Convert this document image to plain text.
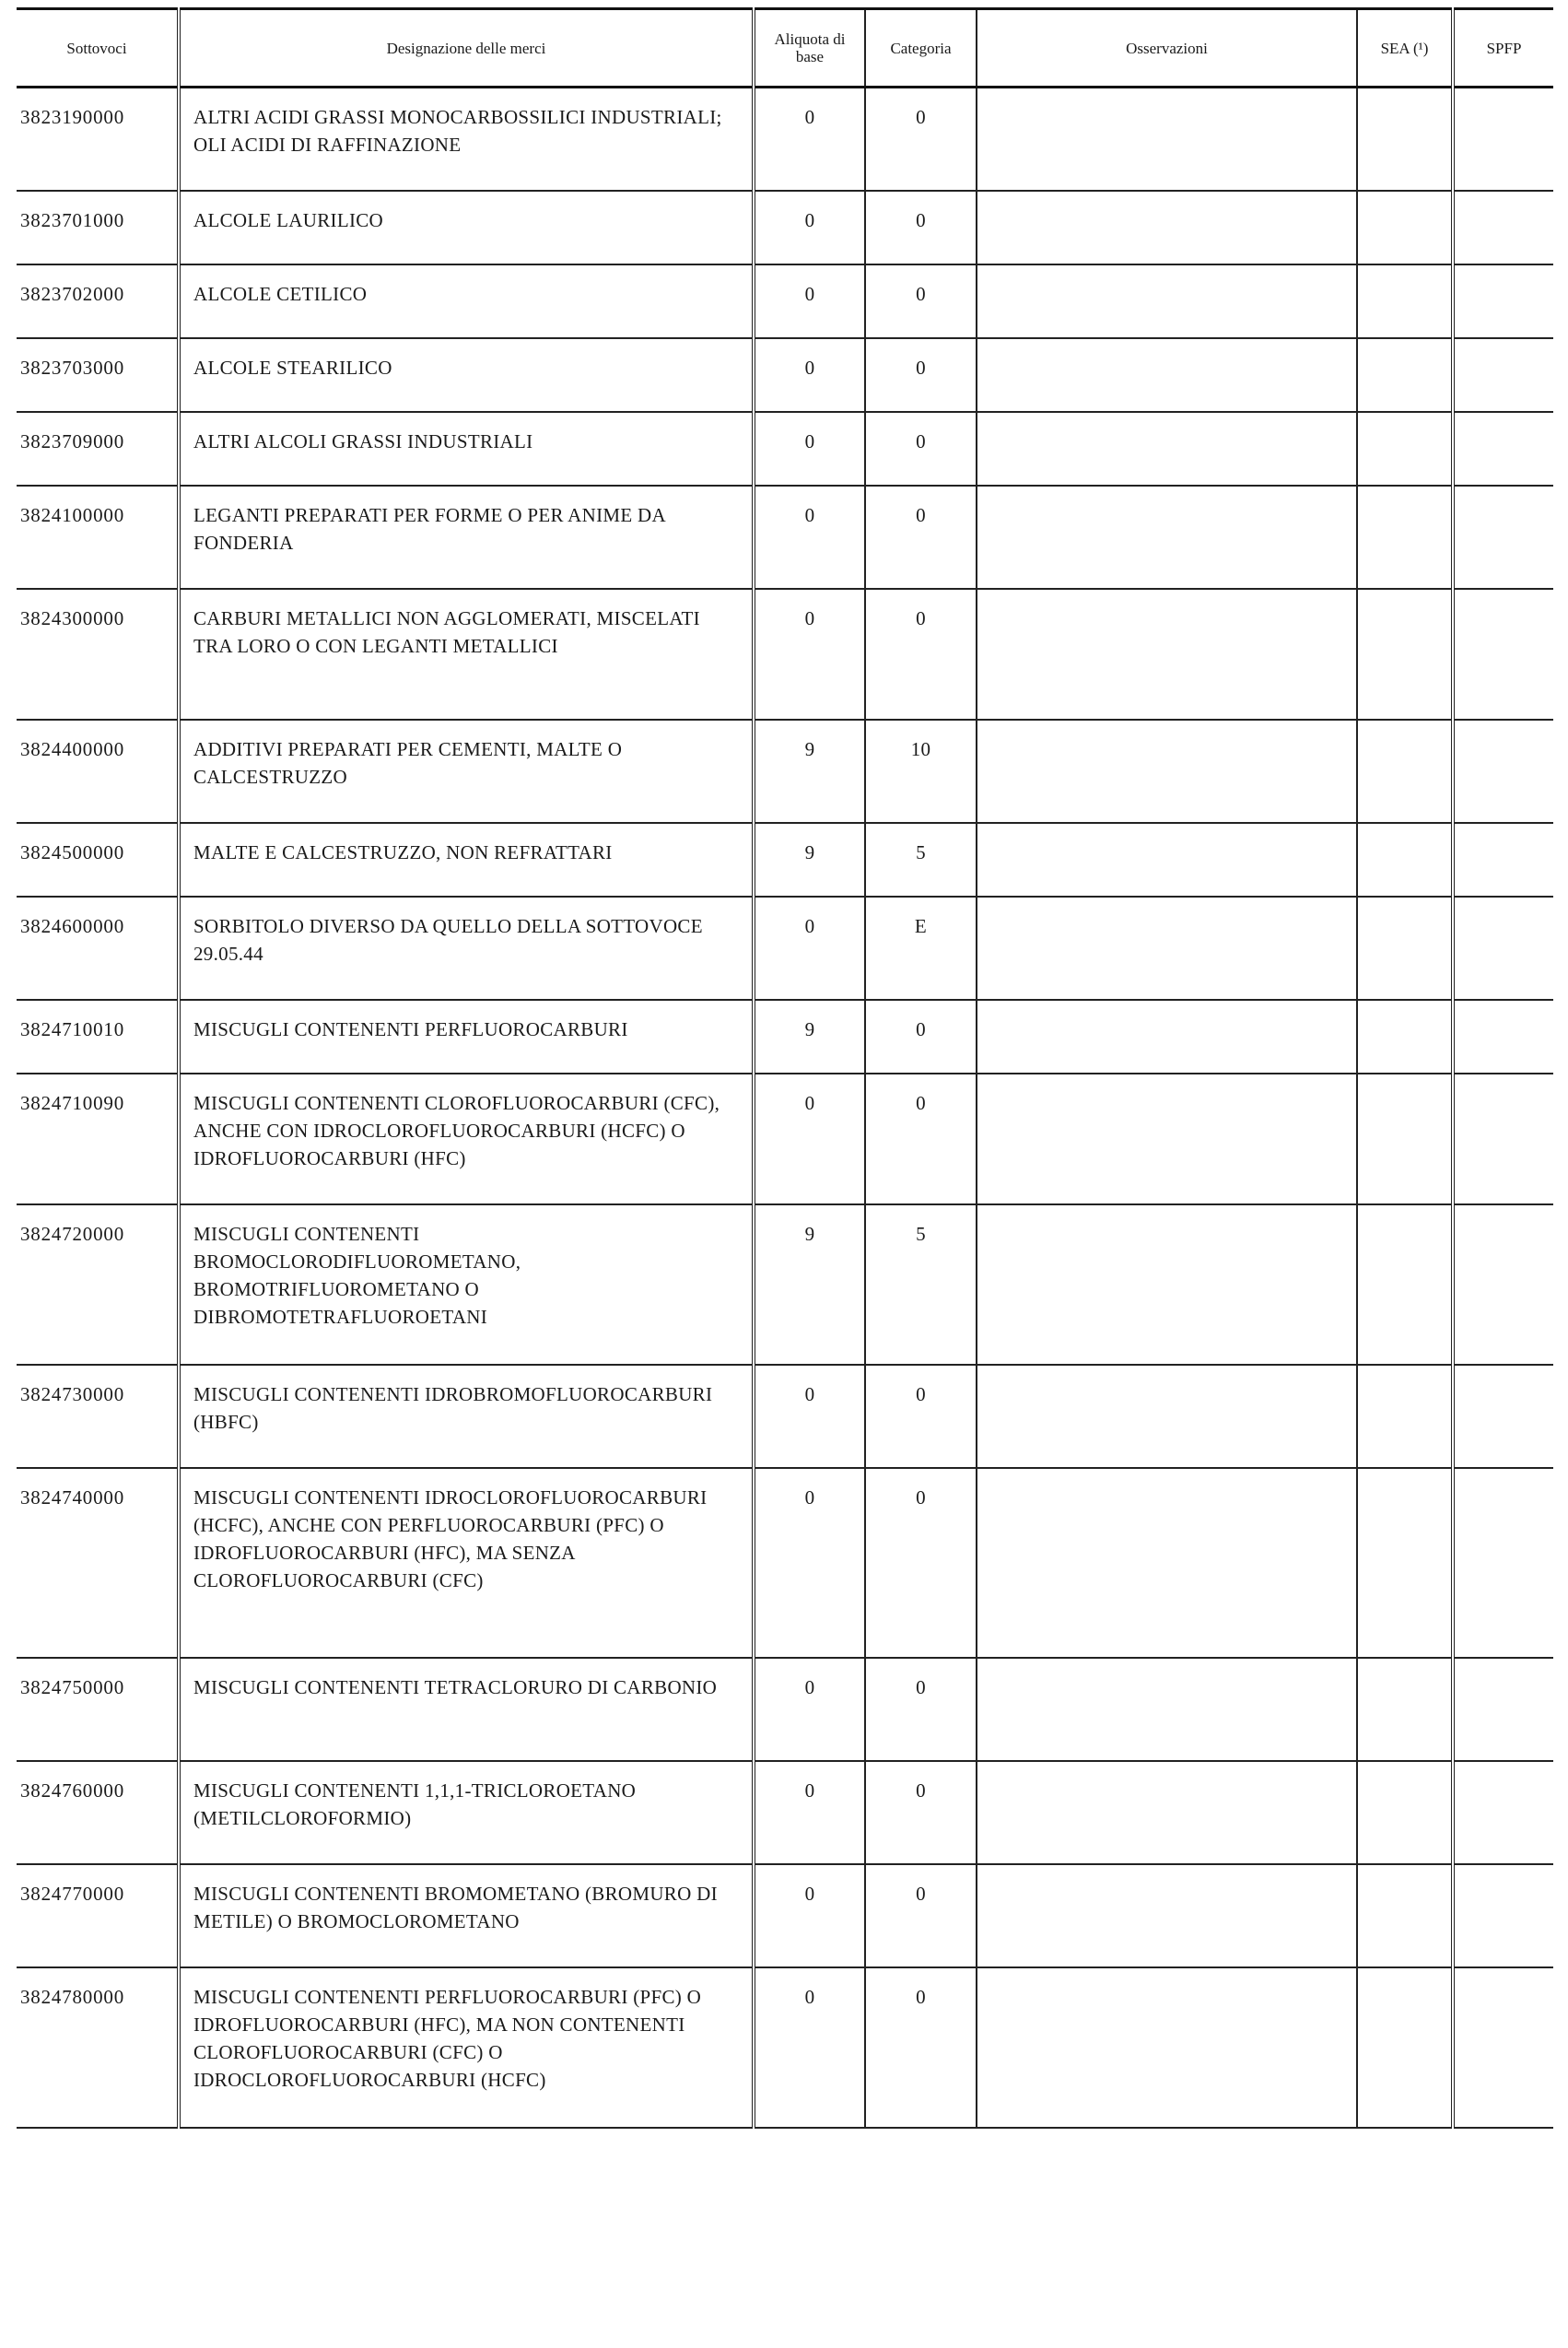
Sottovoci	Designazione delle merci	Aliquota di base	Categoria	Osservazioni	SEA (¹)	SPFP
3823190000	ALTRI ACIDI GRASSI MONOCARBOSSILICI INDUSTRIALI; OLI ACIDI DI RAFFINAZIONE	0	0			
3823701000	ALCOLE LAURILICO	0	0			
3823702000	ALCOLE CETILICO	0	0			
3823703000	ALCOLE STEARILICO	0	0			
3823709000	ALTRI ALCOLI GRASSI INDUSTRIALI	0	0			
3824100000	LEGANTI PREPARATI PER FORME O PER ANIME DA FONDERIA	0	0			
3824300000	CARBURI METALLICI NON AGGLOMERATI, MISCELATI TRA LORO O CON LEGANTI METALLICI	0	0			
3824400000	ADDITIVI PREPARATI PER CEMENTI, MALTE O CALCESTRUZZO	9	10			
3824500000	MALTE E CALCESTRUZZO, NON REFRATTARI	9	5			
3824600000	SORBITOLO DIVERSO DA QUELLO DELLA SOTTOVOCE 29.05.44	0	E			
3824710010	MISCUGLI CONTENENTI PERFLUOROCARBURI	9	0			
3824710090	MISCUGLI CONTENENTI CLOROFLUOROCARBURI (CFC), ANCHE CON IDROCLOROFLUOROCARBURI (HCFC) O IDROFLUOROCARBURI (HFC)	0	0			
3824720000	MISCUGLI CONTENENTI BROMOCLORODIFLUOROMETANO, BROMOTRIFLUOROMETANO O DIBROMOTETRAFLUOROETANI	9	5			
3824730000	MISCUGLI CONTENENTI IDROBROMOFLUOROCARBURI (HBFC)	0	0			
3824740000	MISCUGLI CONTENENTI IDROCLOROFLUOROCARBURI (HCFC), ANCHE CON PERFLUOROCARBURI (PFC) O IDROFLUOROCARBURI (HFC), MA SENZA CLOROFLUOROCARBURI (CFC)	0	0			
3824750000	MISCUGLI CONTENENTI TETRACLORURO DI CARBONIO	0	0			
3824760000	MISCUGLI CONTENENTI 1,1,1-TRICLOROETANO (METILCLOROFORMIO)	0	0			
3824770000	MISCUGLI CONTENENTI BROMOMETANO (BROMURO DI METILE) O BROMOCLOROMETANO	0	0			
3824780000	MISCUGLI CONTENENTI PERFLUOROCARBURI (PFC) O IDROFLUOROCARBURI (HFC), MA NON CONTENENTI CLOROFLUOROCARBURI (CFC) O IDROCLOROFLUOROCARBURI (HCFC)	0	0			
